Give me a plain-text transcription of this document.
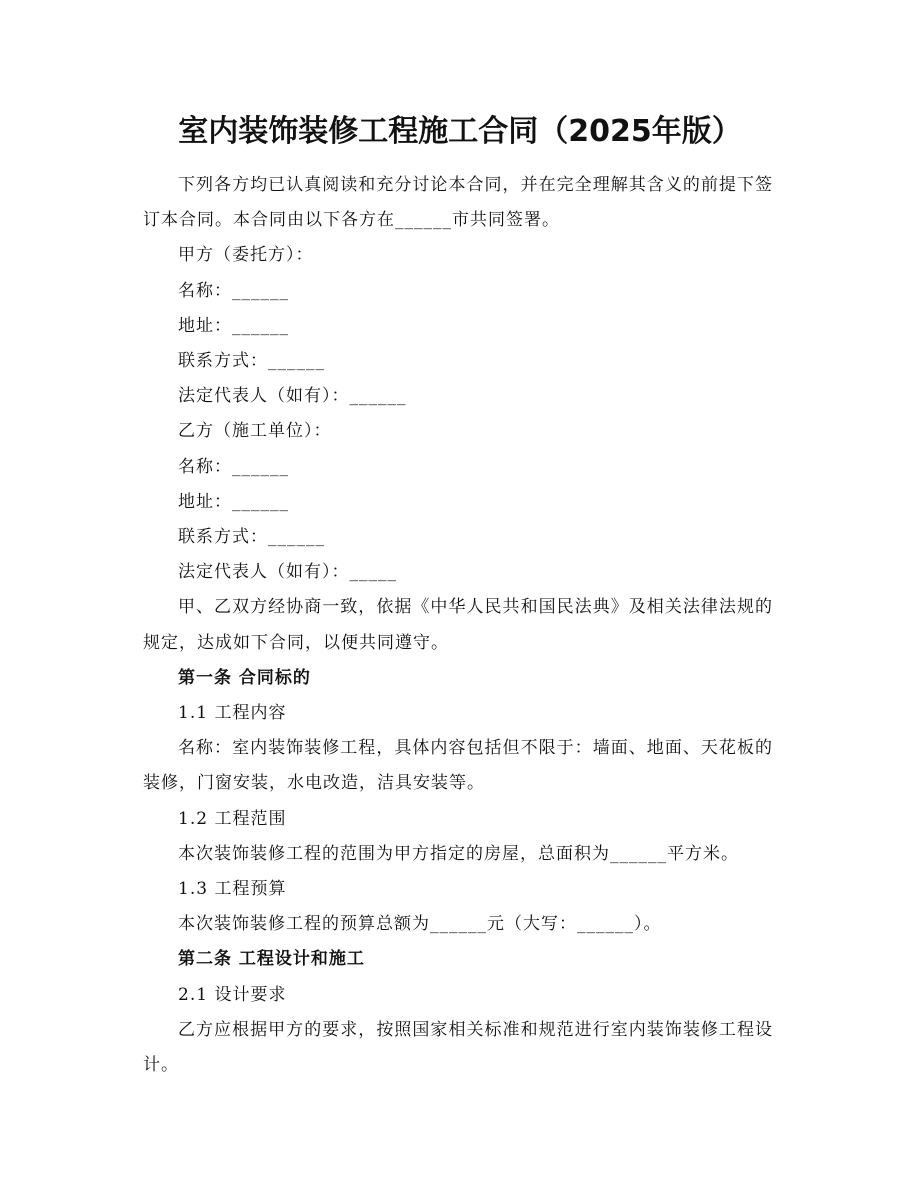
室内装饰装修工程施工合同（2025年版）

下列各方均已认真阅读和充分讨论本合同，并在完全理解其含义的前提下签订本合同。本合同由以下各方在______市共同签署。

甲方（委托方）：

名称：______

地址：______

联系方式：______

法定代表人（如有）：______

乙方（施工单位）：

名称：______

地址：______

联系方式：______

法定代表人（如有）：_____

甲、乙双方经协商一致，依据《中华人民共和国民法典》及相关法律法规的规定，达成如下合同，以便共同遵守。

第一条 合同标的

1.1 工程内容

名称：室内装饰装修工程，具体内容包括但不限于：墙面、地面、天花板的装修，门窗安装，水电改造，洁具安装等。

1.2 工程范围

本次装饰装修工程的范围为甲方指定的房屋，总面积为______平方米。

1.3 工程预算

本次装饰装修工程的预算总额为______元（大写：______）。

第二条 工程设计和施工

2.1 设计要求

乙方应根据甲方的要求，按照国家相关标准和规范进行室内装饰装修工程设计。
